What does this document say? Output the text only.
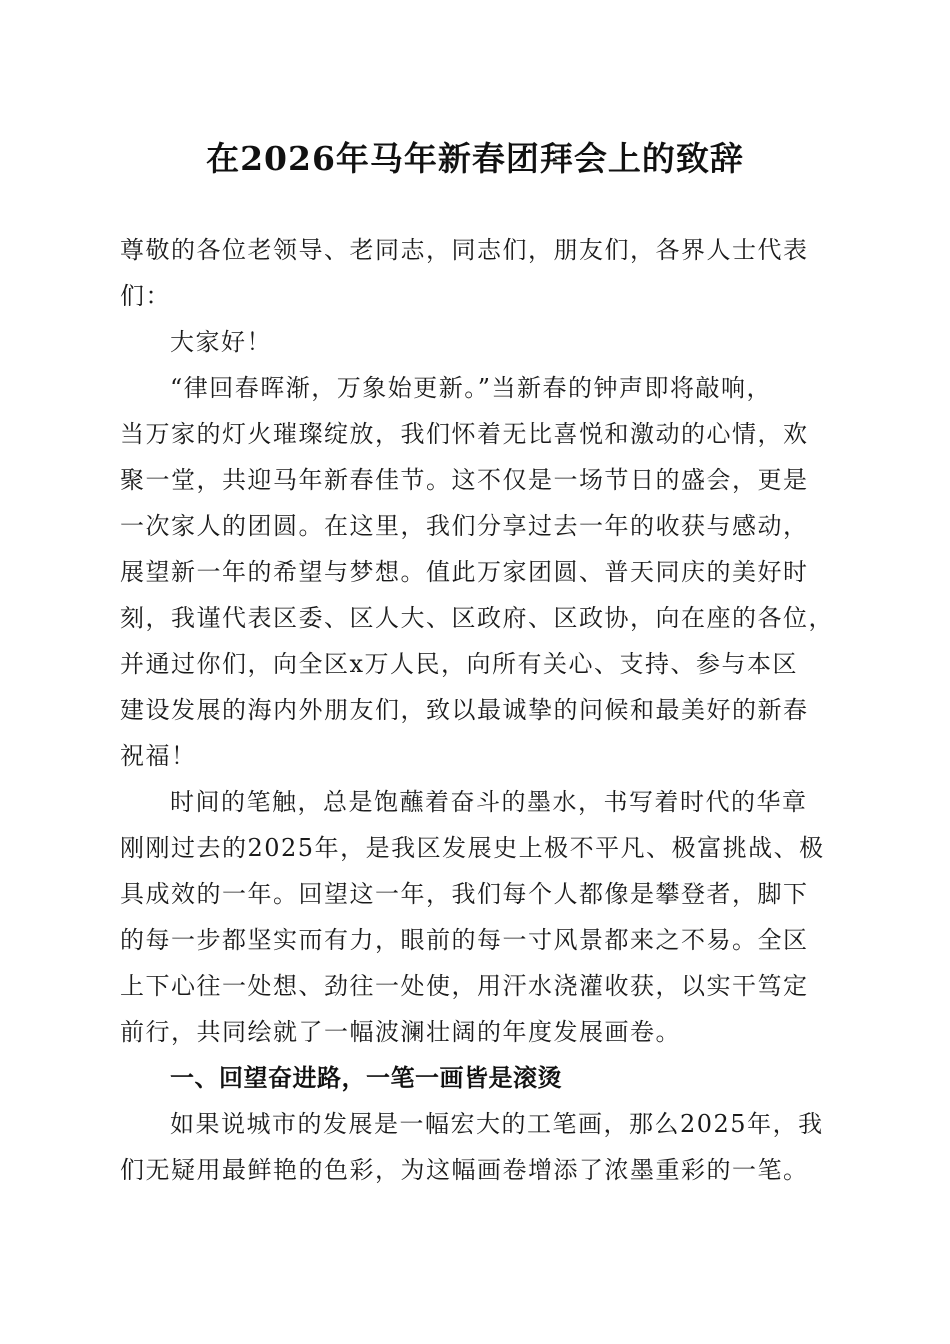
在2026年马年新春团拜会上的致辞
尊敬的各位老领导、老同志，同志们，朋友们，各界人士代表
们：
大家好！
“律回春晖渐，万象始更新。”当新春的钟声即将敲响，
当万家的灯火璀璨绽放，我们怀着无比喜悦和激动的心情，欢
聚一堂，共迎马年新春佳节。这不仅是一场节日的盛会，更是
一次家人的团圆。在这里，我们分享过去一年的收获与感动，
展望新一年的希望与梦想。值此万家团圆、普天同庆的美好时
刻，我谨代表区委、区人大、区政府、区政协，向在座的各位，
并通过你们，向全区x万人民，向所有关心、支持、参与本区
建设发展的海内外朋友们，致以最诚挚的问候和最美好的新春
祝福！
时间的笔触，总是饱蘸着奋斗的墨水，书写着时代的华章
刚刚过去的2025年，是我区发展史上极不平凡、极富挑战、极
具成效的一年。回望这一年，我们每个人都像是攀登者，脚下
的每一步都坚实而有力，眼前的每一寸风景都来之不易。全区
上下心往一处想、劲往一处使，用汗水浇灌收获，以实干笃定
前行，共同绘就了一幅波澜壮阔的年度发展画卷。
一、回望奋进路，一笔一画皆是滚烫
如果说城市的发展是一幅宏大的工笔画，那么2025年，我
们无疑用最鲜艳的色彩，为这幅画卷增添了浓墨重彩的一笔。
